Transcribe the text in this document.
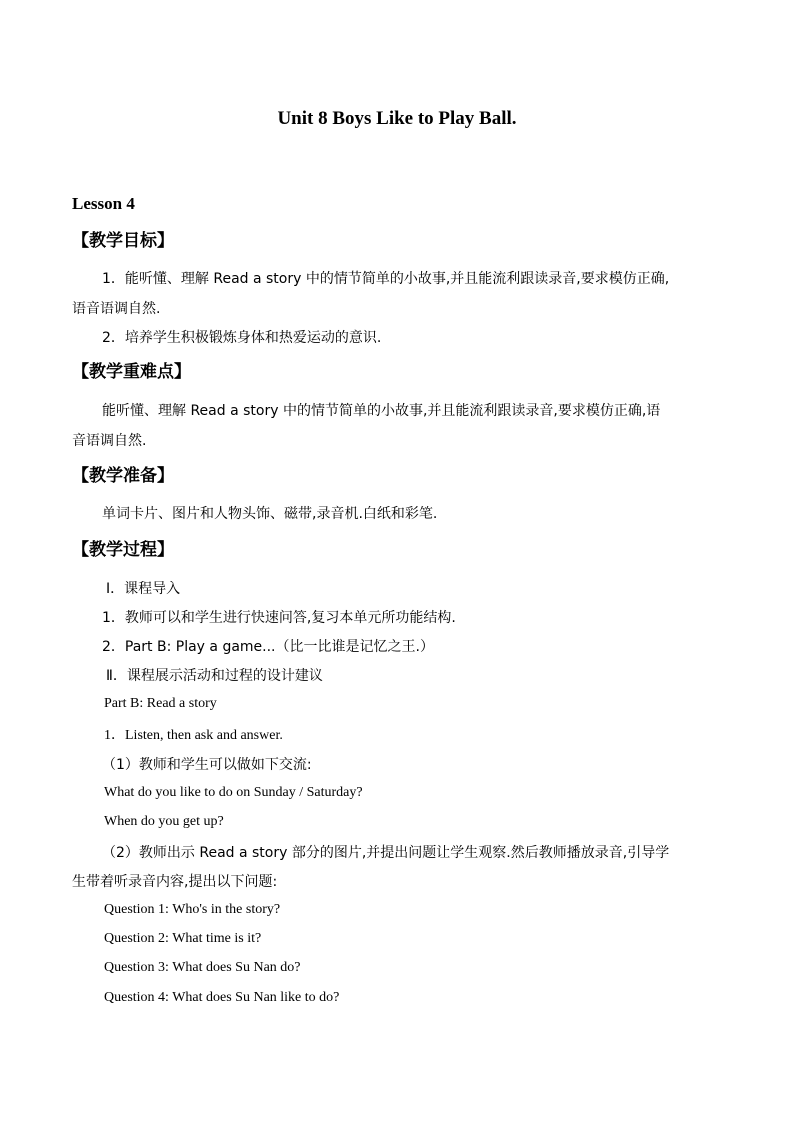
Unit 8 Boys Like to Play Ball.
Lesson 4
【教学目标】
1．能听懂、理解 Read a story 中的情节简单的小故事,并且能流利跟读录音,要求模仿正确,
语音语调自然.
2．培养学生积极锻炼身体和热爱运动的意识.
【教学重难点】
能听懂、理解 Read a story 中的情节简单的小故事,并且能流利跟读录音,要求模仿正确,语
音语调自然.
【教学准备】
单词卡片、图片和人物头饰、磁带,录音机.白纸和彩笔.
【教学过程】
Ⅰ．课程导入
1．教师可以和学生进行快速问答,复习本单元所功能结构.
2．Part B: Play a game...（比一比谁是记忆之王.）
Ⅱ．课程展示活动和过程的设计建议
Part B: Read a story
1．Listen, then ask and answer.
（1）教师和学生可以做如下交流:
What do you like to do on Sunday / Saturday?
When do you get up?
（2）教师出示 Read a story 部分的图片,并提出问题让学生观察.然后教师播放录音,引导学
生带着听录音内容,提出以下问题:
Question 1: Who's in the story?
Question 2: What time is it?
Question 3: What does Su Nan do?
Question 4: What does Su Nan like to do?
